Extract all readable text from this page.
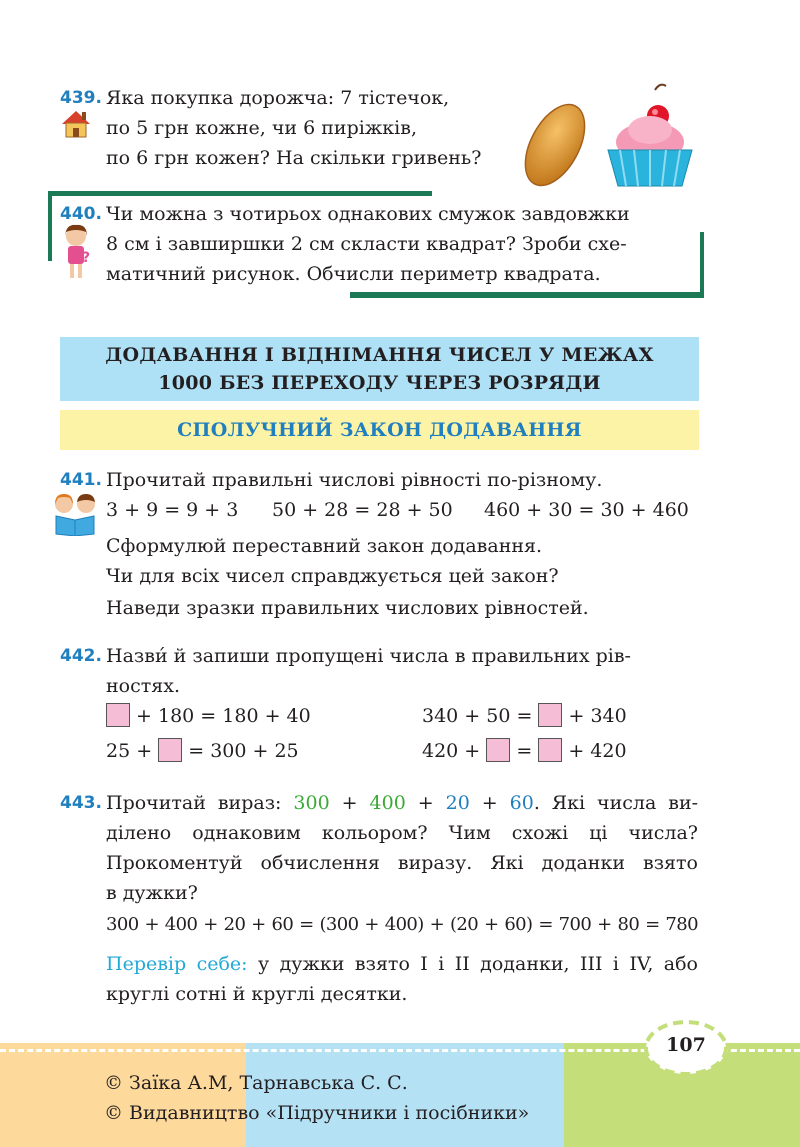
439. Яка покупка дорожча: 7 тістечок,
по 5 грн кожне, чи 6 пиріжків,
по 6 грн кожен? На скільки гривень?
440.
?
Чи можна з чотирьох однакових смужок завдовжки
8 см і завширшки 2 см скласти квадрат? Зроби схе-
матичний рисунок. Обчисли периметр квадрата.
ДОДАВАННЯ І ВІДНІМАННЯ ЧИСЕЛ У МЕЖАХ
1000 БЕЗ ПЕРЕХОДУ ЧЕРЕЗ РОЗРЯДИ
СПОЛУЧНИЙ ЗАКОН ДОДАВАННЯ
441. Прочитай правильні числові рівності по-різному.
3 + 9 = 9 + 3 50 + 28 = 28 + 50 460 + 30 = 30 + 460
Сформулюй переставний закон додавання.
Чи для всіх чисел справджується цей закон?
Наведи зразки правильних числових рівностей.
442. Назви́ й запиши пропущені числа в правильних рів-
ностях.
+ 180 = 180 + 40	340 + 50 = + 340
25 + = 300 + 25	420 + = + 420
443. Прочитай вираз: 300 + 400 + 20 + 60. Які числа ви-
ділено однаковим кольором? Чим схожі ці числа?
Прокоментуй обчислення виразу. Які доданки взято
в дужки?
300 + 400 + 20 + 60 = (300 + 400) + (20 + 60) = 700 + 80 = 780
Перевір себе: у дужки взято І і ІІ доданки, ІІІ і ІV, або
круглі сотні й круглі десятки.
107
© Заїка А.М, Тарнавська С. С.
© Видавництво «Підручники і посібники»
